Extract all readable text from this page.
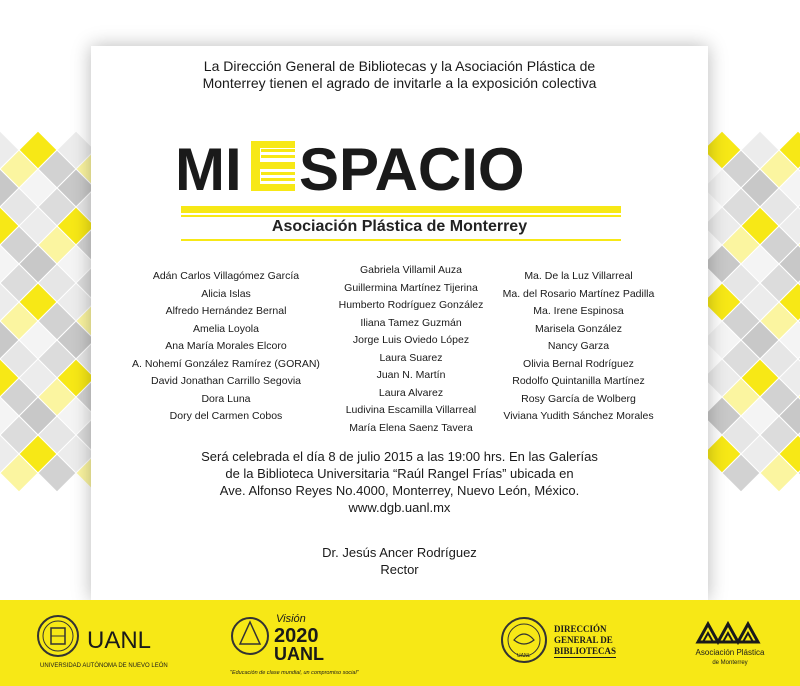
La Dirección General de Bibliotecas y la Asociación Plástica de
Monterrey tienen el agrado de invitarle a la exposición colectiva
MI SPACIO
Asociación Plástica de Monterrey
Adán Carlos Villagómez García
Alicia Islas
Alfredo Hernández Bernal
Amelia Loyola
Ana María Morales Elcoro
A. Nohemí González Ramírez (GORAN)
David Jonathan Carrillo Segovia
Dora Luna
Dory del Carmen Cobos
Gabriela Villamil Auza
Guillermina Martínez Tijerina
Humberto Rodríguez González
Iliana Tamez Guzmán
Jorge Luis Oviedo López
Laura Suarez
Juan N. Martín
Laura Alvarez
Ludivina Escamilla Villarreal
María Elena Saenz Tavera
Ma. De la Luz Villarreal
Ma. del Rosario Martínez Padilla
Ma. Irene Espinosa
Marisela González
Nancy Garza
Olivia Bernal Rodríguez
Rodolfo Quintanilla Martínez
Rosy García de Wolberg
Viviana Yudith Sánchez Morales
Será celebrada el día 8 de julio 2015 a las 19:00 hrs. En las Galerías
de la Biblioteca Universitaria “Raúl Rangel Frías” ubicada en
Ave. Alfonso Reyes No.4000, Monterrey, Nuevo León, México.
www.dgb.uanl.mx
Dr. Jesús Ancer Rodríguez
Rector
UANL
UNIVERSIDAD AUTÓNOMA DE NUEVO LEÓN
Visión
2020
UANL
"Educación de clase mundial, un compromiso social"
UANL
DIRECCIÓN
GENERAL DE
BIBLIOTECAS	Asociación Plástica
de Monterrey
